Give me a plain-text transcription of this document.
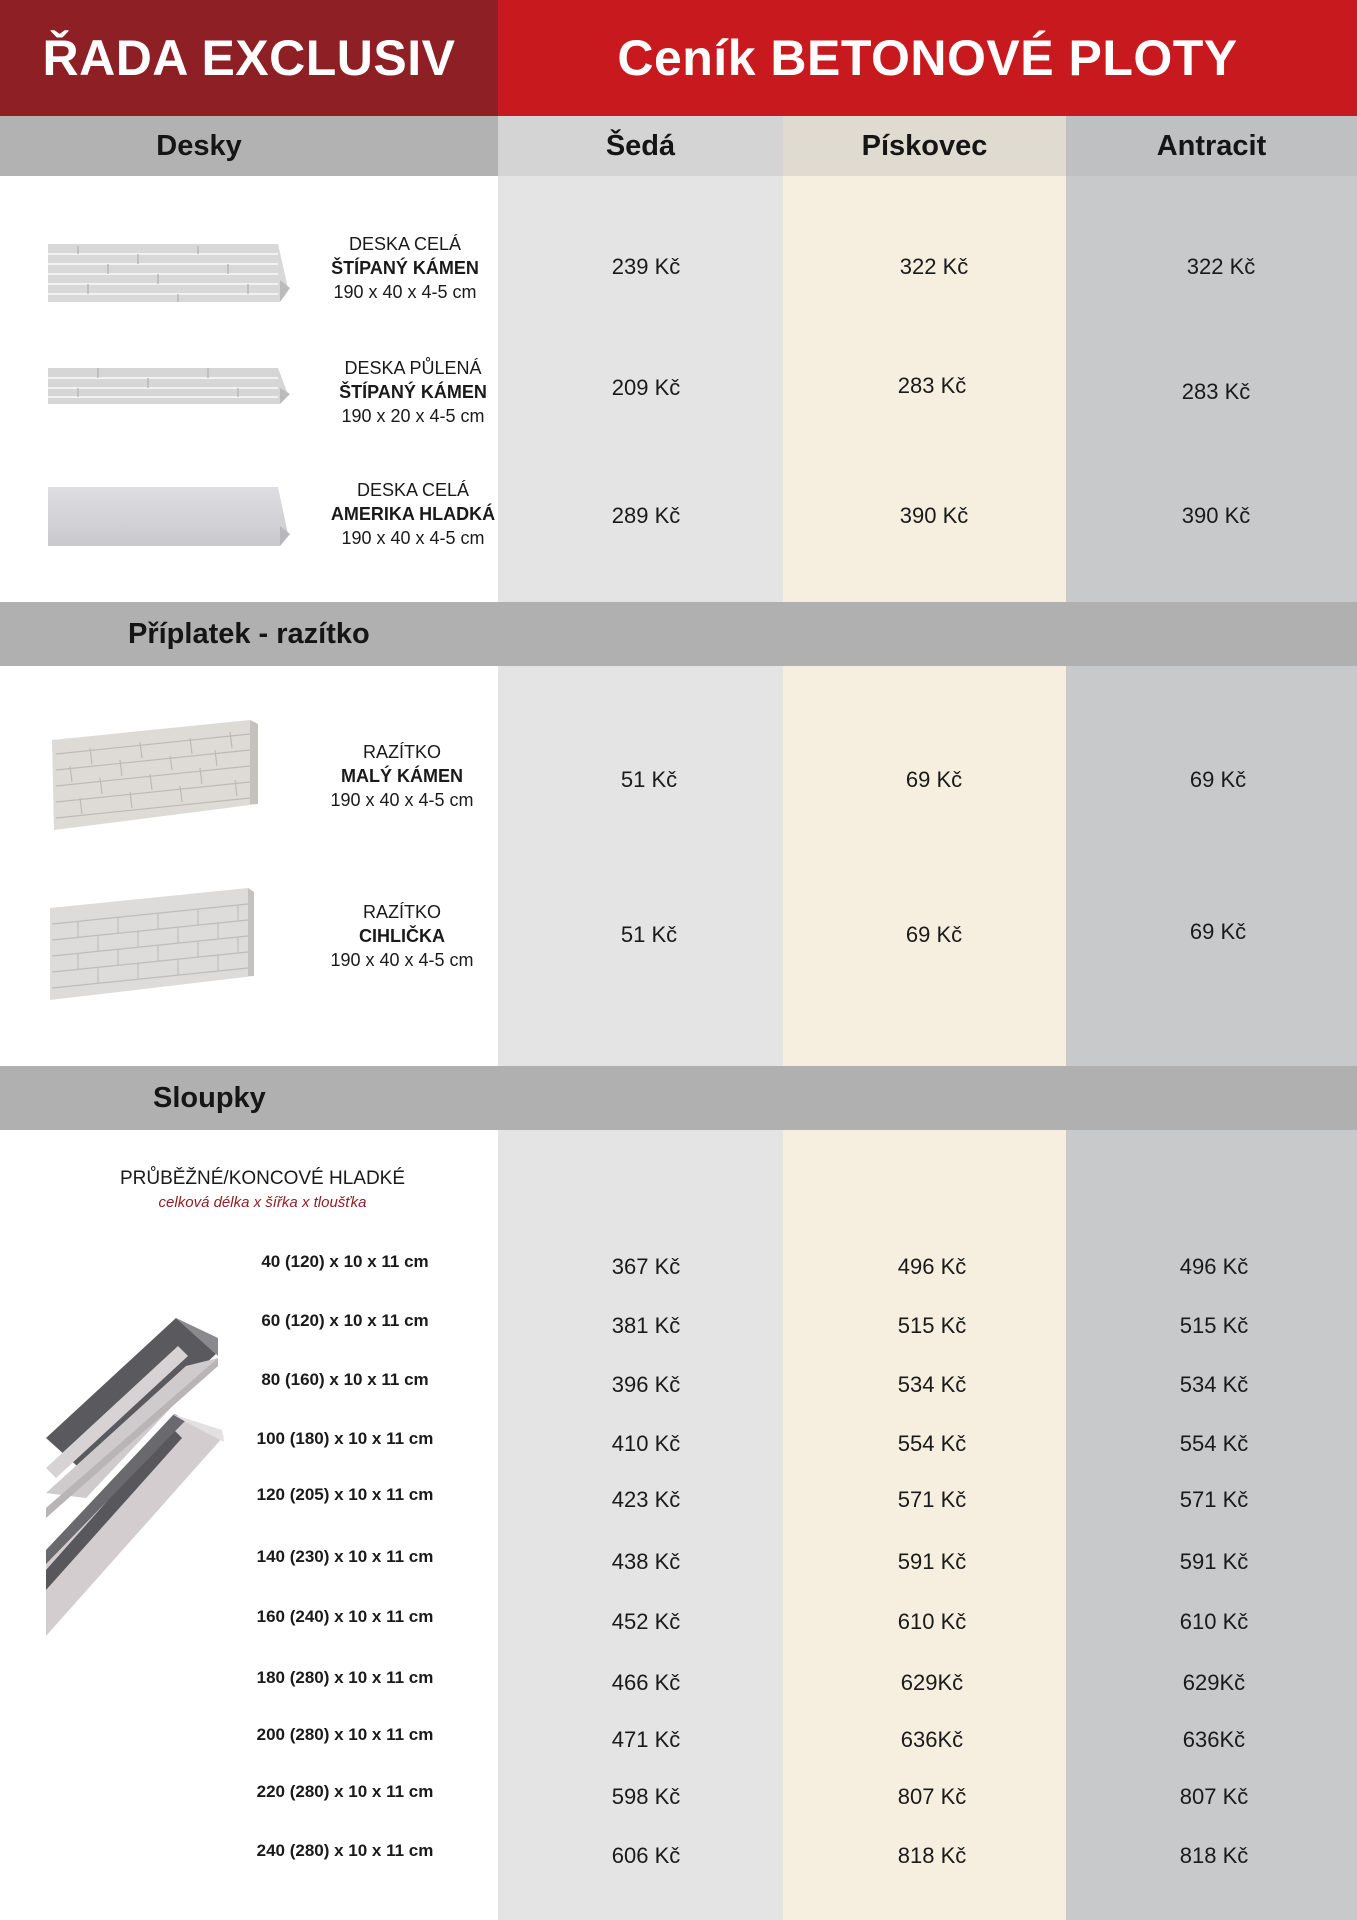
ŘADA EXCLUSIV	Ceník BETONOVÉ PLOTY
Desky	Šedá	Pískovec	Antracit
DESKA CELÁ
ŠTÍPANÝ KÁMEN
190 x 40 x 4-5 cm
239 Kč	322 Kč	322 Kč
DESKA PŮLENÁ
ŠTÍPANÝ KÁMEN
190 x 20 x 4-5 cm
209 Kč	283 Kč	283 Kč
DESKA CELÁ
AMERIKA HLADKÁ
190 x 40 x 4-5 cm
289 Kč	390 Kč	390 Kč
Příplatek - razítko
RAZÍTKO
MALÝ KÁMEN
190 x 40 x 4-5 cm
51 Kč	69 Kč	69 Kč
RAZÍTKO
CIHLIČKA
190 x 40 x 4-5 cm
51 Kč	69 Kč	69 Kč
Sloupky
PRŮBĚŽNÉ/KONCOVÉ HLADKÉ
celková délka x šířka x tloušťka
40 (120) x 10 x 11 cm	367 Kč	496 Kč	496 Kč
60 (120) x 10 x 11 cm	381 Kč	515 Kč	515 Kč
80 (160) x 10 x 11 cm	396 Kč	534 Kč	534 Kč
100 (180) x 10 x 11 cm	410 Kč	554 Kč	554 Kč
120 (205) x 10 x 11 cm	423 Kč	571 Kč	571 Kč
140 (230) x 10 x 11 cm	438 Kč	591 Kč	591 Kč
160 (240) x 10 x 11 cm	452 Kč	610 Kč	610 Kč
180 (280) x 10 x 11 cm	466 Kč	629Kč	629Kč
200 (280) x 10 x 11 cm	471 Kč	636Kč	636Kč
220 (280) x 10 x 11 cm	598 Kč	807 Kč	807 Kč
240 (280) x 10 x 11 cm	606 Kč	818 Kč	818 Kč
